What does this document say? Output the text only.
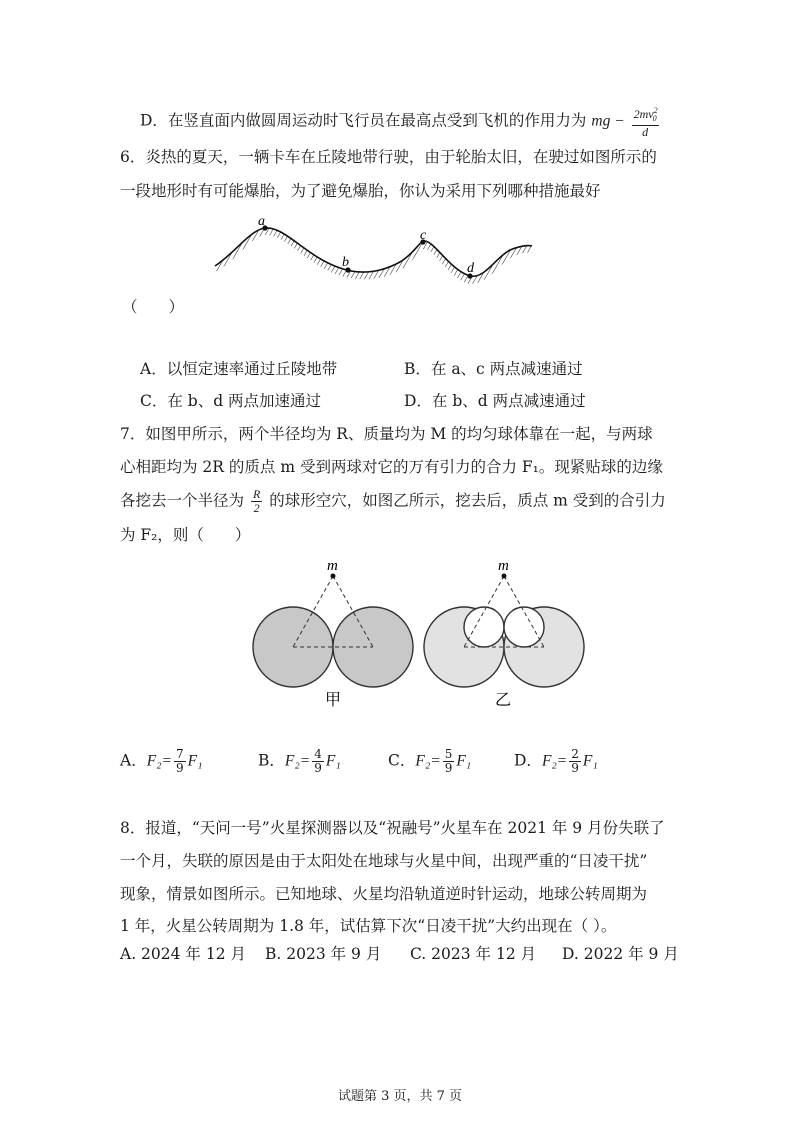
D．在竖直面内做圆周运动时飞行员在最高点受到飞机的作用力为 mg − $\frac{2mv^2_0}{d}$
6．炎热的夏天，一辆卡车在丘陵地带行驶，由于轮胎太旧，在驶过如图所示的
一段地形时有可能爆胎，为了避免爆胎，你认为采用下列哪种措施最好
a
b
c
d
（　　）
A．以恒定速率通过丘陵地带	B．在 a、c 两点减速通过
C．在 b、d 两点加速通过	D．在 b、d 两点减速通过
7．如图甲所示，两个半径均为 R、质量均为 M 的均匀球体靠在一起，与两球
心相距均为 2R 的质点 m 受到两球对它的万有引力的合力 F₁。现紧贴球的边缘
各挖去一个半径为 $\frac{R}{2}$ 的球形空穴，如图乙所示，挖去后，质点 m 受到的合引力
为 F₂，则（　　）
m
甲
m
乙
A．$F_2= \frac{7}{9} F_1$	B．$F_2= \frac{4}{9} F_1$	C．$F_2= \frac{5}{9} F_1$	D．$F_2= \frac{2}{9} F_1$
8．报道，“天问一号”火星探测器以及“祝融号”火星车在 2021 年 9 月份失联了
一个月，失联的原因是由于太阳处在地球与火星中间，出现严重的“日凌干扰”
现象，情景如图所示。已知地球、火星均沿轨道逆时针运动，地球公转周期为
1 年，火星公转周期为 1.8 年，试估算下次“日凌干扰”大约出现在（ ）。
A. 2024 年 12 月 B. 2023 年 9 月 C. 2023 年 12 月 D. 2022 年 9 月
试题第 3 页，共 7 页
